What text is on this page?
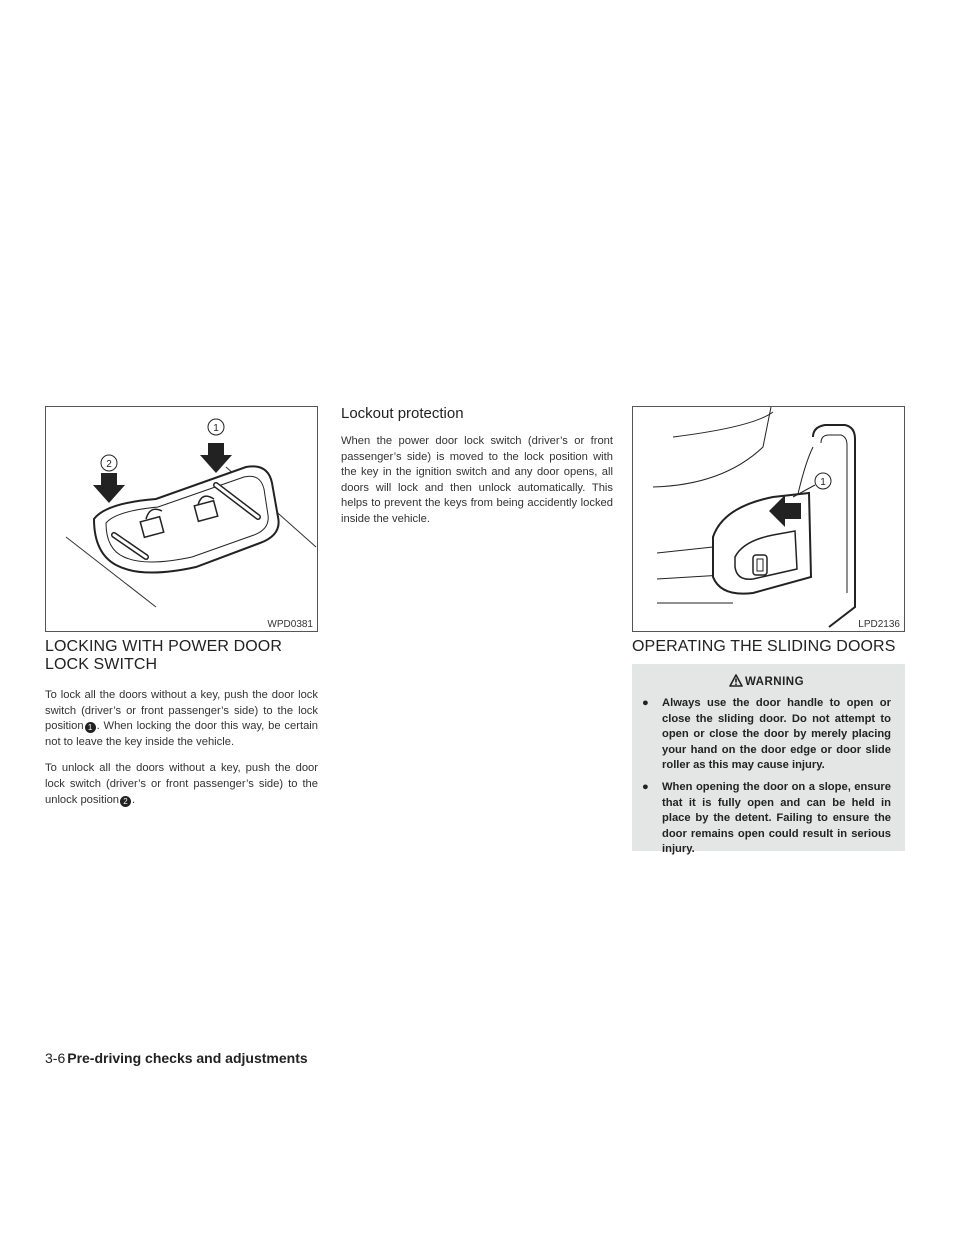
2
1
WPD0381
LOCKING WITH POWER DOOR
LOCK SWITCH

To lock all the doors without a key, push the door lock switch (driver’s or front passenger’s side) to the lock position 1 . When locking the door this way, be certain not to leave the key inside the vehicle.

To unlock all the doors without a key, push the door lock switch (driver’s or front passenger’s side) to the unlock position 2 .

Lockout protection

When the power door lock switch (driver’s or front passenger’s side) is moved to the lock position with the key in the ignition switch and any door opens, all doors will lock and then unlock automatically. This helps to prevent the keys from being accidently locked inside the vehicle.

1
LPD2136
OPERATING THE SLIDING DOORS
WARNING
● Always use the door handle to open or close the sliding door. Do not attempt to open or close the door by merely placing your hand on the door edge or door slide roller as this may cause injury.
● When opening the door on a slope, ensure that it is fully open and can be held in place by the detent. Failing to ensure the door remains open could result in serious injury.
3-6 Pre-driving checks and adjustments
